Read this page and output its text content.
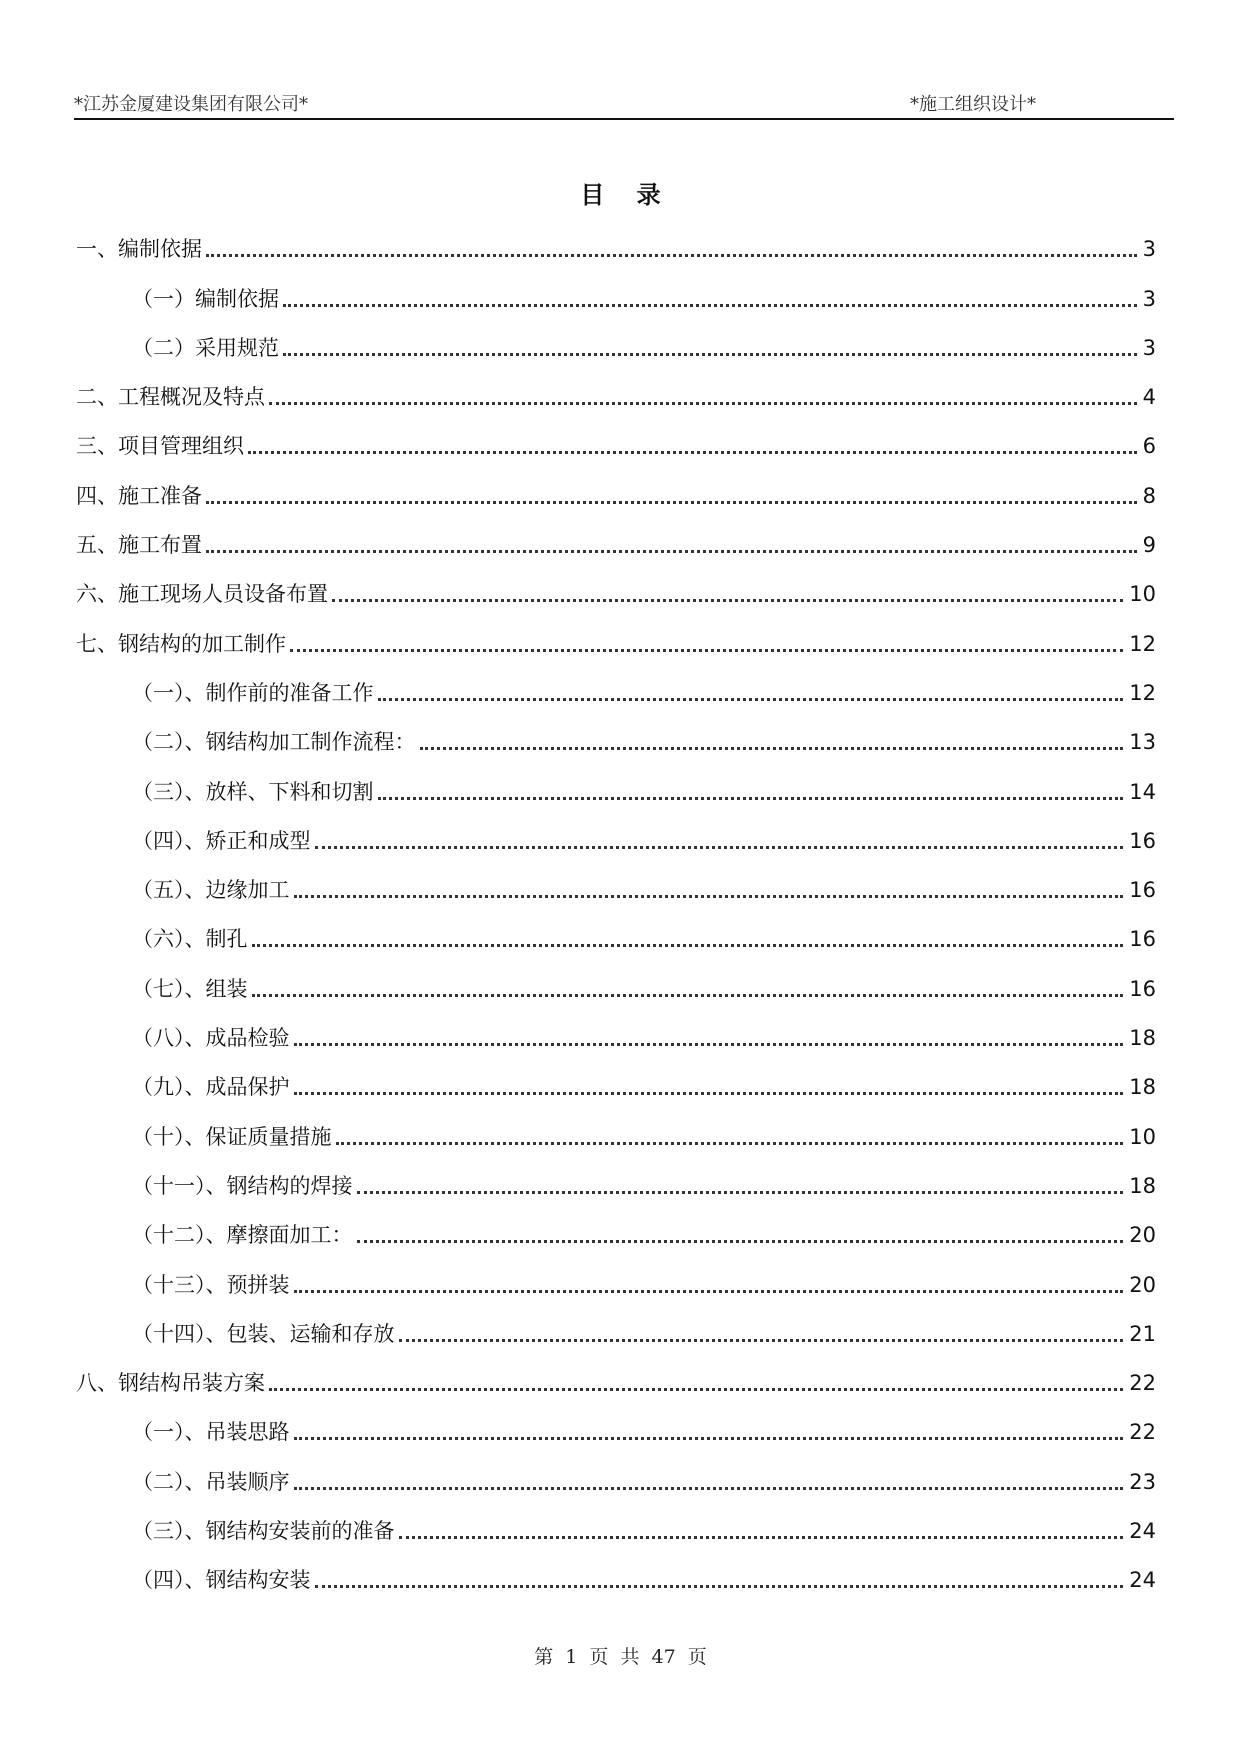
*江苏金厦建设集团有限公司*	*施工组织设计*
目 录
一、编制依据	3
（一）编制依据	3
（二）采用规范	3
二、工程概况及特点	4
三、项目管理组织	6
四、施工准备	8
五、施工布置	9
六、施工现场人员设备布置	10
七、钢结构的加工制作	12
（一）、制作前的准备工作	12
（二）、钢结构加工制作流程：	13
（三）、放样、下料和切割	14
（四）、矫正和成型	16
（五）、边缘加工	16
（六）、制孔	16
（七）、组装	16
（八）、成品检验	18
（九）、成品保护	18
（十）、保证质量措施	10
（十一）、钢结构的焊接	18
（十二）、摩擦面加工：	20
（十三）、预拼装	20
（十四）、包装、运输和存放	21
八、钢结构吊装方案	22
（一）、吊装思路	22
（二）、吊装顺序	23
（三）、钢结构安装前的准备	24
（四）、钢结构安装	24
第 1 页 共 47 页
